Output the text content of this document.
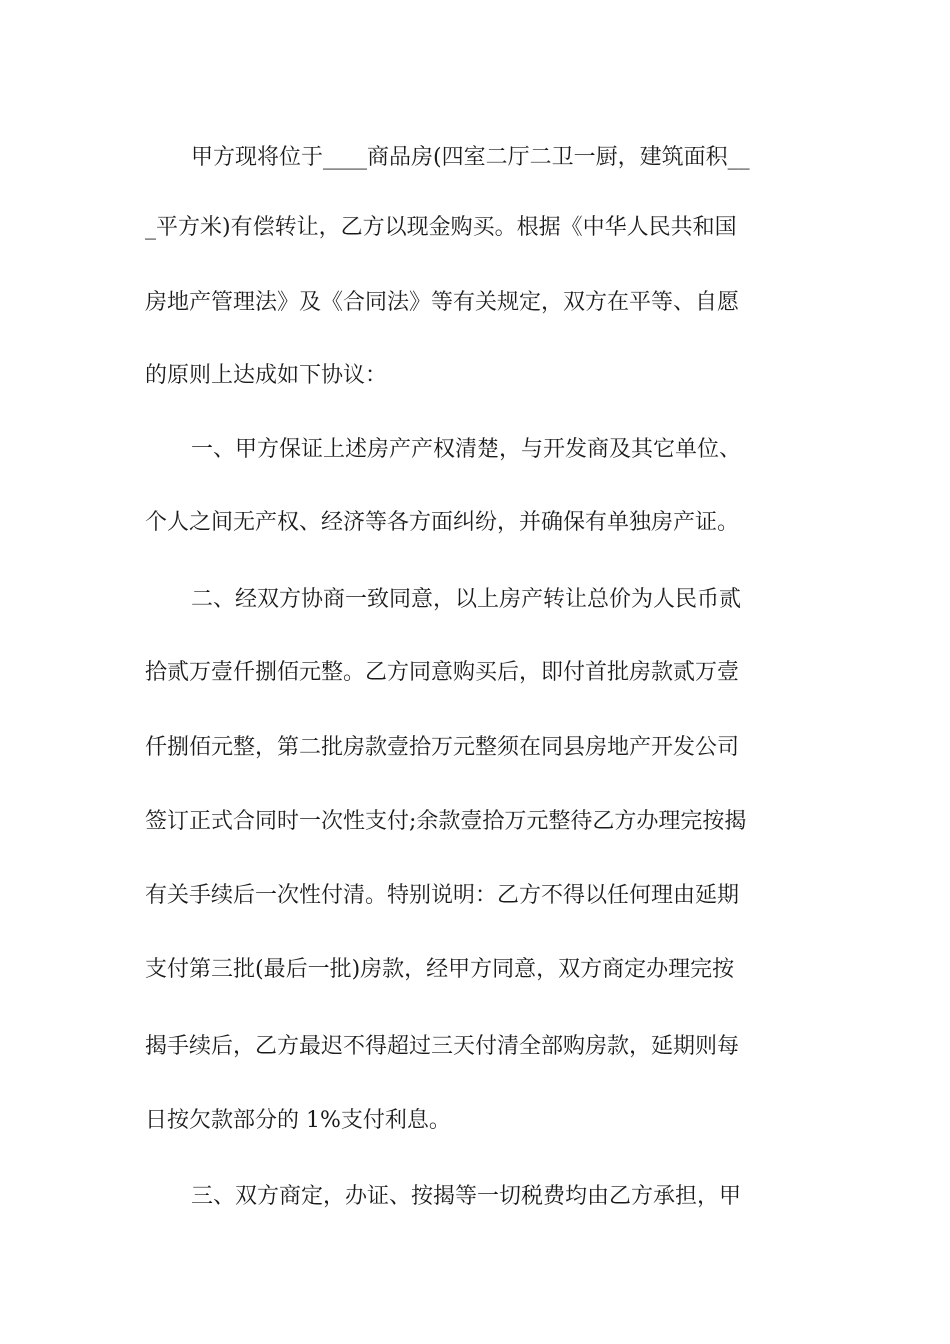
甲方现将位于____商品房(四室二厅二卫一厨，建筑面积__
_平方米)有偿转让，乙方以现金购买。根据《中华人民共和国
房地产管理法》及《合同法》等有关规定，双方在平等、自愿
的原则上达成如下协议：
一、甲方保证上述房产产权清楚，与开发商及其它单位、
个人之间无产权、经济等各方面纠纷，并确保有单独房产证。
二、经双方协商一致同意，以上房产转让总价为人民币贰
拾贰万壹仟捌佰元整。乙方同意购买后，即付首批房款贰万壹
仟捌佰元整，第二批房款壹拾万元整须在同县房地产开发公司
签订正式合同时一次性支付;余款壹拾万元整待乙方办理完按揭
有关手续后一次性付清。特别说明：乙方不得以任何理由延期
支付第三批(最后一批)房款，经甲方同意，双方商定办理完按
揭手续后，乙方最迟不得超过三天付清全部购房款，延期则每
日按欠款部分的 1%支付利息。
三、双方商定，办证、按揭等一切税费均由乙方承担，甲
